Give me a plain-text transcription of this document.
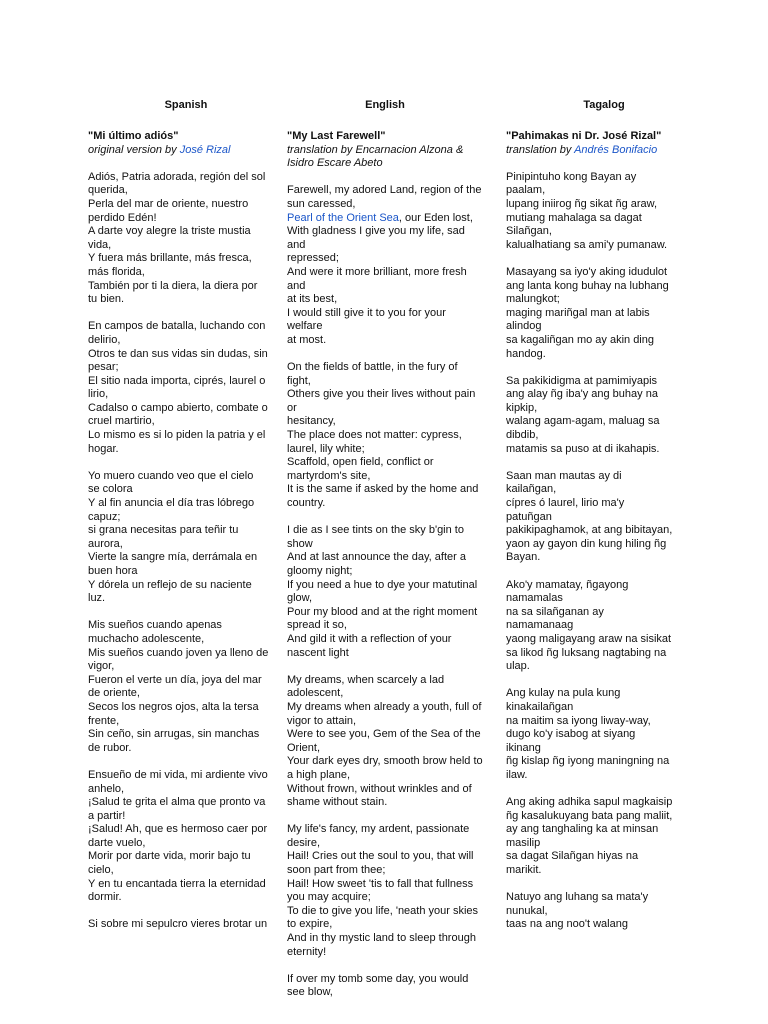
Spanish
"Mi último adiós"
original version by José Rizal
Adiós, Patria adorada, región del sol
querida,
Perla del mar de oriente, nuestro
perdido Edén!
A darte voy alegre la triste mustia
vida,
Y fuera más brillante, más fresca,
más florida,
También por ti la diera, la diera por
tu bien.
En campos de batalla, luchando con
delirio,
Otros te dan sus vidas sin dudas, sin
pesar;
El sitio nada importa, ciprés, laurel o
lirio,
Cadalso o campo abierto, combate o
cruel martirio,
Lo mismo es si lo piden la patria y el
hogar.
Yo muero cuando veo que el cielo
se colora
Y al fin anuncia el día tras lóbrego
capuz;
si grana necesitas para teñir tu
aurora,
Vierte la sangre mía, derrámala en
buen hora
Y dórela un reflejo de su naciente
luz.
Mis sueños cuando apenas
muchacho adolescente,
Mis sueños cuando joven ya lleno de
vigor,
Fueron el verte un día, joya del mar
de oriente,
Secos los negros ojos, alta la tersa
frente,
Sin ceño, sin arrugas, sin manchas
de rubor.
Ensueño de mi vida, mi ardiente vivo
anhelo,
¡Salud te grita el alma que pronto va
a partir!
¡Salud! Ah, que es hermoso caer por
darte vuelo,
Morir por darte vida, morir bajo tu
cielo,
Y en tu encantada tierra la eternidad
dormir.
Si sobre mi sepulcro vieres brotar un
English
"My Last Farewell"
translation by Encarnacion Alzona &
Isidro Escare Abeto
Farewell, my adored Land, region of the
sun caressed,
Pearl of the Orient Sea, our Eden lost,
With gladness I give you my life, sad and
repressed;
And were it more brilliant, more fresh and
at its best,
I would still give it to you for your welfare
at most.
On the fields of battle, in the fury of fight,
Others give you their lives without pain or
hesitancy,
The place does not matter: cypress,
laurel, lily white;
Scaffold, open field, conflict or
martyrdom's site,
It is the same if asked by the home and
country.
I die as I see tints on the sky b'gin to
show
And at last announce the day, after a
gloomy night;
If you need a hue to dye your matutinal
glow,
Pour my blood and at the right moment
spread it so,
And gild it with a reflection of your
nascent light
My dreams, when scarcely a lad
adolescent,
My dreams when already a youth, full of
vigor to attain,
Were to see you, Gem of the Sea of the
Orient,
Your dark eyes dry, smooth brow held to
a high plane,
Without frown, without wrinkles and of
shame without stain.
My life's fancy, my ardent, passionate
desire,
Hail! Cries out the soul to you, that will
soon part from thee;
Hail! How sweet 'tis to fall that fullness
you may acquire;
To die to give you life, 'neath your skies
to expire,
And in thy mystic land to sleep through
eternity!
If over my tomb some day, you would
see blow,
Tagalog
"Pahimakas ni Dr. José Rizal"
translation by Andrés Bonifacio
Pinipintuho kong Bayan ay
paalam,
lupang iniirog ñg sikat ñg araw,
mutiang mahalaga sa dagat
Silañgan,
kalualhatiang sa ami'y pumanaw.
Masayang sa iyo'y aking idudulot
ang lanta kong buhay na lubhang
malungkot;
maging mariñgal man at labis
alindog
sa kagaliñgan mo ay akin ding
handog.
Sa pakikidigma at pamimiyapis
ang alay ñg iba'y ang buhay na
kipkip,
walang agam-agam, maluag sa
dibdib,
matamis sa puso at di ikahapis.
Saan man mautas ay di
kailañgan,
cípres ó laurel, lirio ma'y
patuñgan
pakikipaghamok, at ang bibitayan,
yaon ay gayon din kung hiling ñg
Bayan.
Ako'y mamatay, ñgayong
namamalas
na sa silañganan ay
namamanaag
yaong maligayang araw na sisikat
sa likod ñg luksang nagtabing na
ulap.
Ang kulay na pula kung
kinakailañgan
na maitim sa iyong liway-way,
dugo ko'y isabog at siyang
ikinang
ñg kislap ñg iyong maningning na
ilaw.
Ang aking adhika sapul magkaisip
ñg kasalukuyang bata pang maliit,
ay ang tanghaling ka at minsan
masilip
sa dagat Silañgan hiyas na
marikit.
Natuyo ang luhang sa mata'y
nunukal,
taas na ang noo't walang
